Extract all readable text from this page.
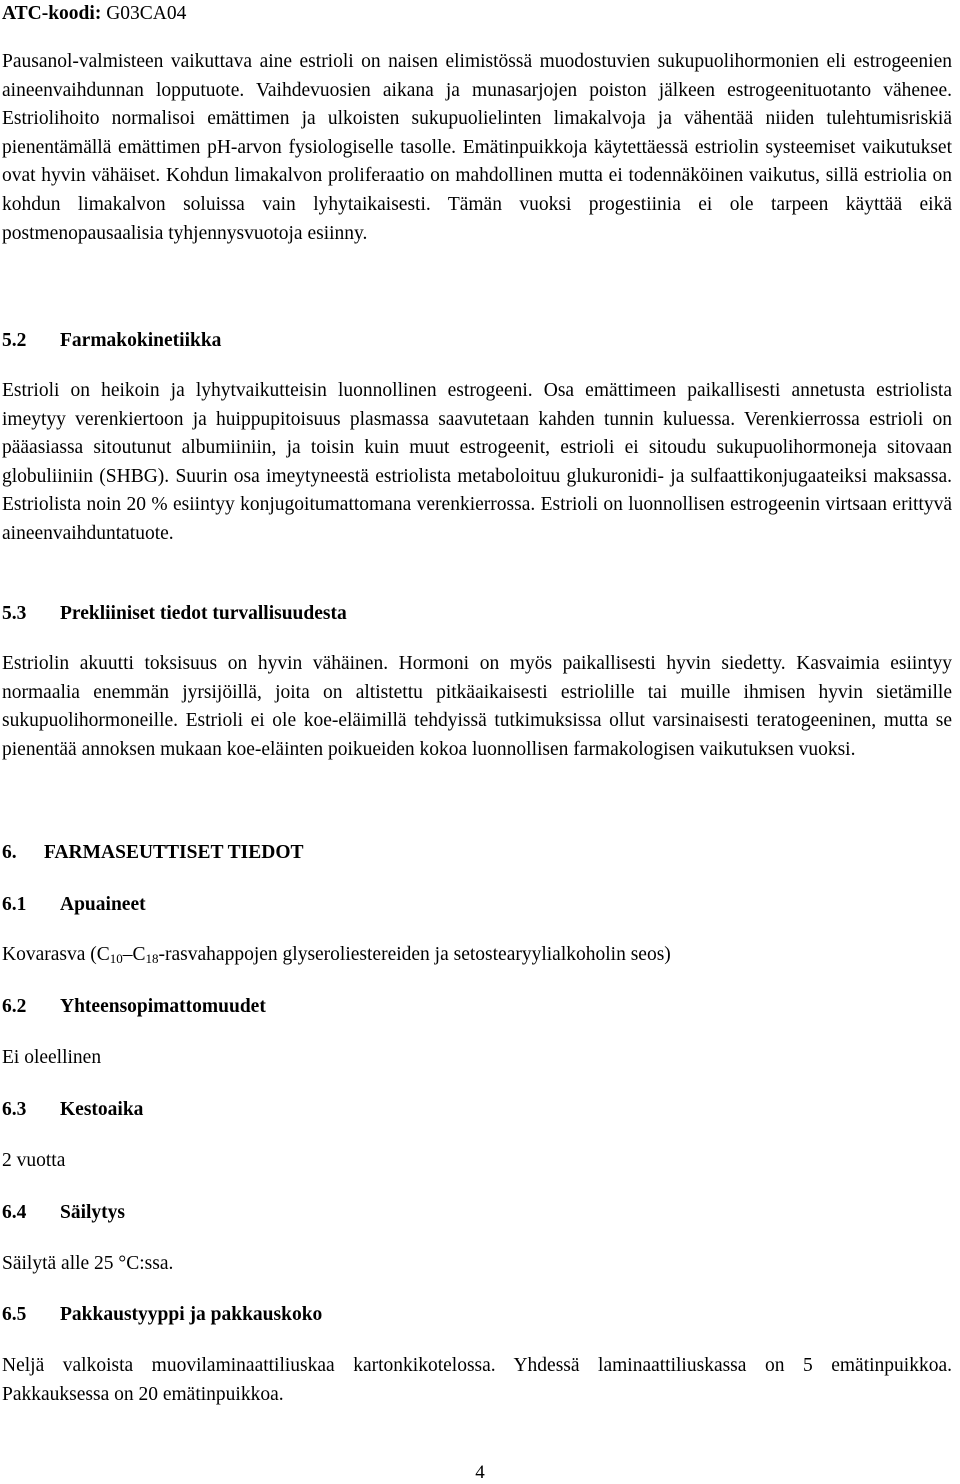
ATC-koodi: G03CA04
Pausanol-valmisteen vaikuttava aine estrioli on naisen elimistössä muodostuvien sukupuolihormonien eli estrogeenien aineenvaihdunnan lopputuote. Vaihdevuosien aikana ja munasarjojen poiston jälkeen estrogeenituotanto vähenee. Estriolihoito normalisoi emättimen ja ulkoisten sukupuolielinten limakalvoja ja vähentää niiden tulehtumisriskiä pienentämällä emättimen pH-arvon fysiologiselle tasolle. Emätinpuikkoja käytettäessä estriolin systeemiset vaikutukset ovat hyvin vähäiset. Kohdun limakalvon proliferaatio on mahdollinen mutta ei todennäköinen vaikutus, sillä estriolia on kohdun limakalvon soluissa vain lyhytaikaisesti. Tämän vuoksi progestiinia ei ole tarpeen käyttää eikä postmenopausaalisia tyhjennysvuotoja esiinny.
5.2 Farmakokinetiikka
Estrioli on heikoin ja lyhytvaikutteisin luonnollinen estrogeeni. Osa emättimeen paikallisesti annetusta estriolista imeytyy verenkiertoon ja huippupitoisuus plasmassa saavutetaan kahden tunnin kuluessa. Verenkierrossa estrioli on pääasiassa sitoutunut albumiiniin, ja toisin kuin muut estrogeenit, estrioli ei sitoudu sukupuolihormoneja sitovaan globuliiniin (SHBG). Suurin osa imeytyneestä estriolista metaboloituu glukuronidi- ja sulfaattikonjugaateiksi maksassa. Estriolista noin 20 % esiintyy konjugoitumattomana verenkierrossa. Estrioli on luonnollisen estrogeenin virtsaan erittyvä aineenvaihduntatuote.
5.3 Prekliiniset tiedot turvallisuudesta
Estriolin akuutti toksisuus on hyvin vähäinen. Hormoni on myös paikallisesti hyvin siedetty. Kasvaimia esiintyy normaalia enemmän jyrsijöillä, joita on altistettu pitkäaikaisesti estriolille tai muille ihmisen hyvin sietämille sukupuolihormoneille. Estrioli ei ole koe-eläimillä tehdyissä tutkimuksissa ollut varsinaisesti teratogeeninen, mutta se pienentää annoksen mukaan koe-eläinten poikueiden kokoa luonnollisen farmakologisen vaikutuksen vuoksi.
6. FARMASEUTTISET TIEDOT
6.1 Apuaineet
Kovarasva ($C_{10}-C_{18}$-rasvahappojen glyseroliestereiden ja setostearyylialkoholin seos)
6.2 Yhteensopimattomuudet
Ei oleellinen
6.3 Kestoaika
2 vuotta
6.4 Säilytys
Säilytä alle 25 °C:ssa.
6.5 Pakkaustyyppi ja pakkauskoko
Neljä valkoista muovilaminaattiliuskaa kartonkikotelossa. Yhdessä laminaattiliuskassa on 5 emätinpuikkoa. Pakkauksessa on 20 emätinpuikkoa.
4
